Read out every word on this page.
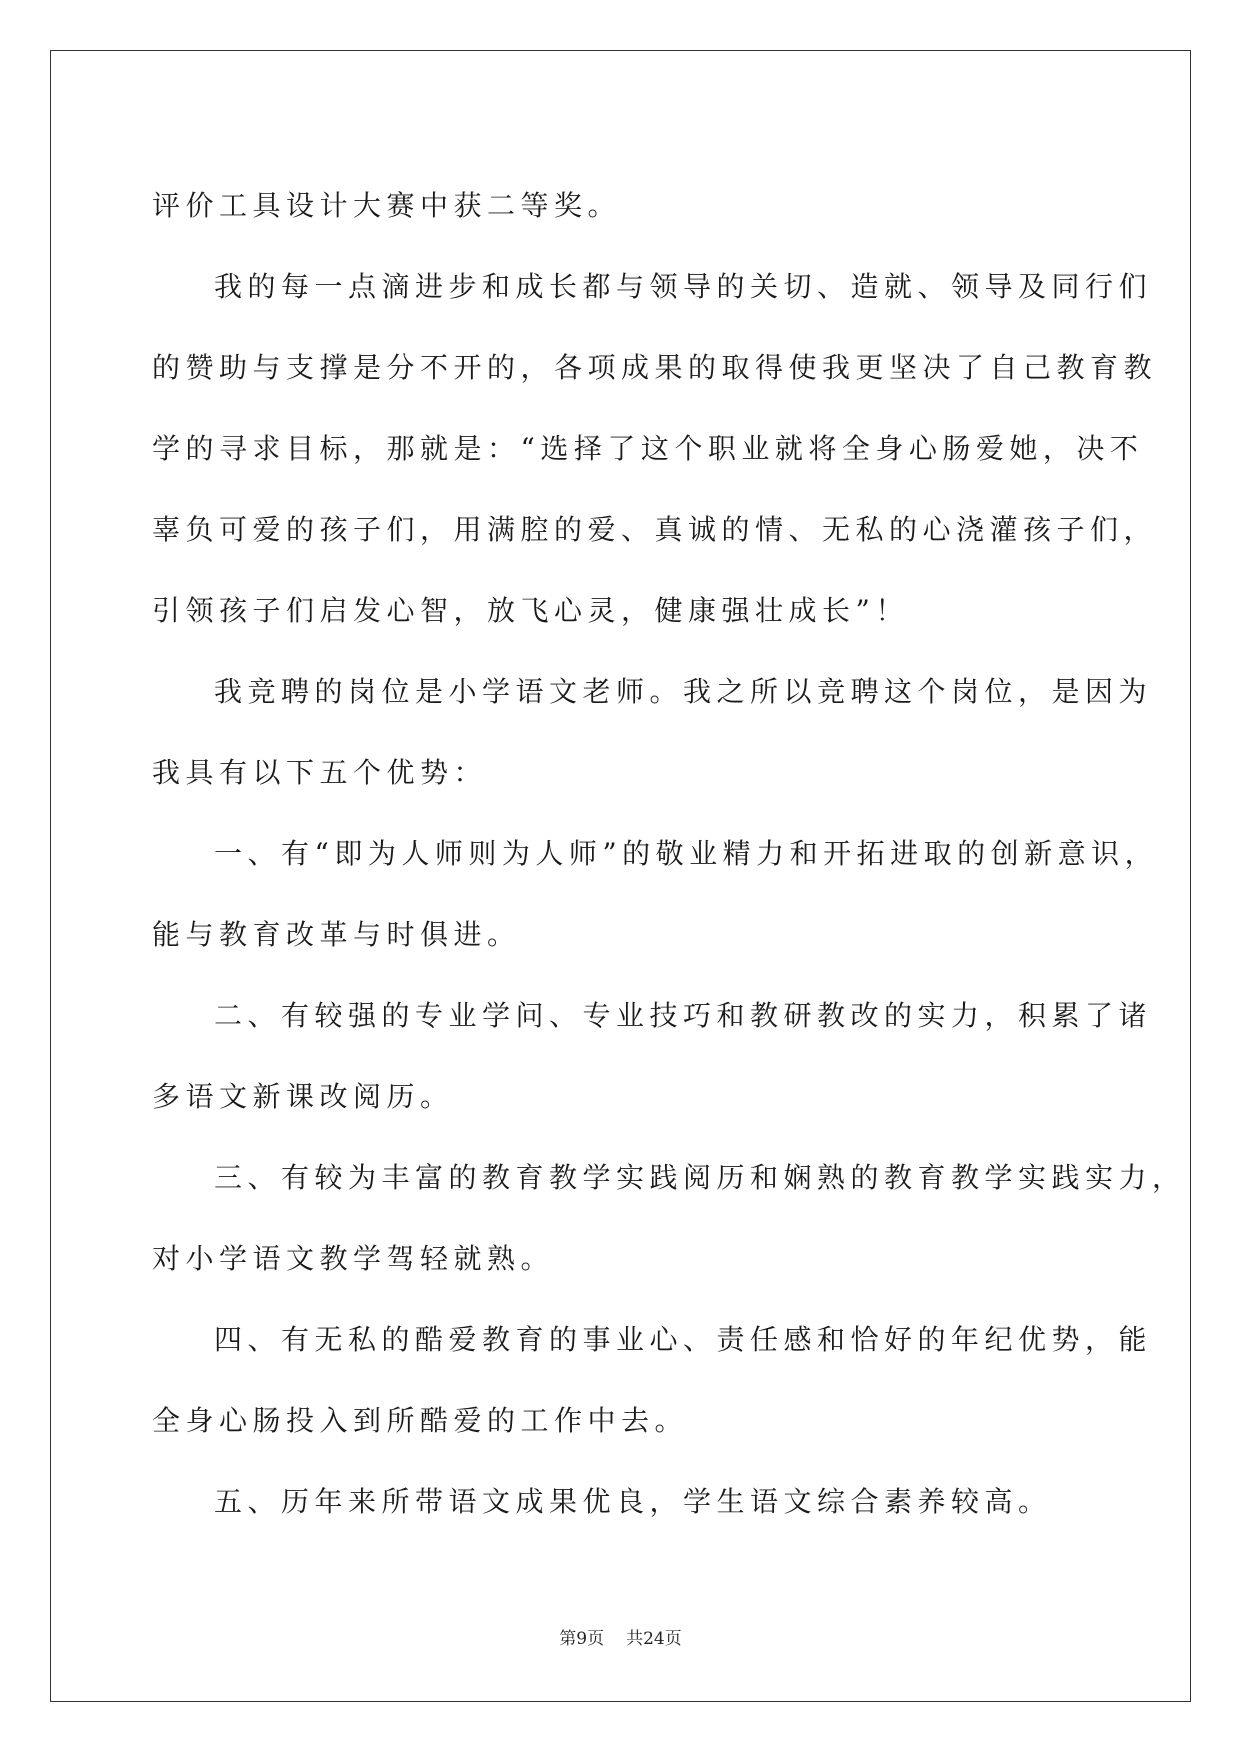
评价工具设计大赛中获二等奖。
我的每一点滴进步和成长都与领导的关切、造就、领导及同行们
的赞助与支撑是分不开的，各项成果的取得使我更坚决了自己教育教
学的寻求目标，那就是：“选择了这个职业就将全身心肠爱她，决不
辜负可爱的孩子们，用满腔的爱、真诚的情、无私的心浇灌孩子们，
引领孩子们启发心智，放飞心灵，健康强壮成长”！
我竞聘的岗位是小学语文老师。我之所以竞聘这个岗位，是因为
我具有以下五个优势：
一、有“即为人师则为人师”的敬业精力和开拓进取的创新意识，
能与教育改革与时俱进。
二、有较强的专业学问、专业技巧和教研教改的实力，积累了诸
多语文新课改阅历。
三、有较为丰富的教育教学实践阅历和娴熟的教育教学实践实力，
对小学语文教学驾轻就熟。
四、有无私的酷爱教育的事业心、责任感和恰好的年纪优势，能
全身心肠投入到所酷爱的工作中去。
五、历年来所带语文成果优良，学生语文综合素养较高。
第9页 共24页
